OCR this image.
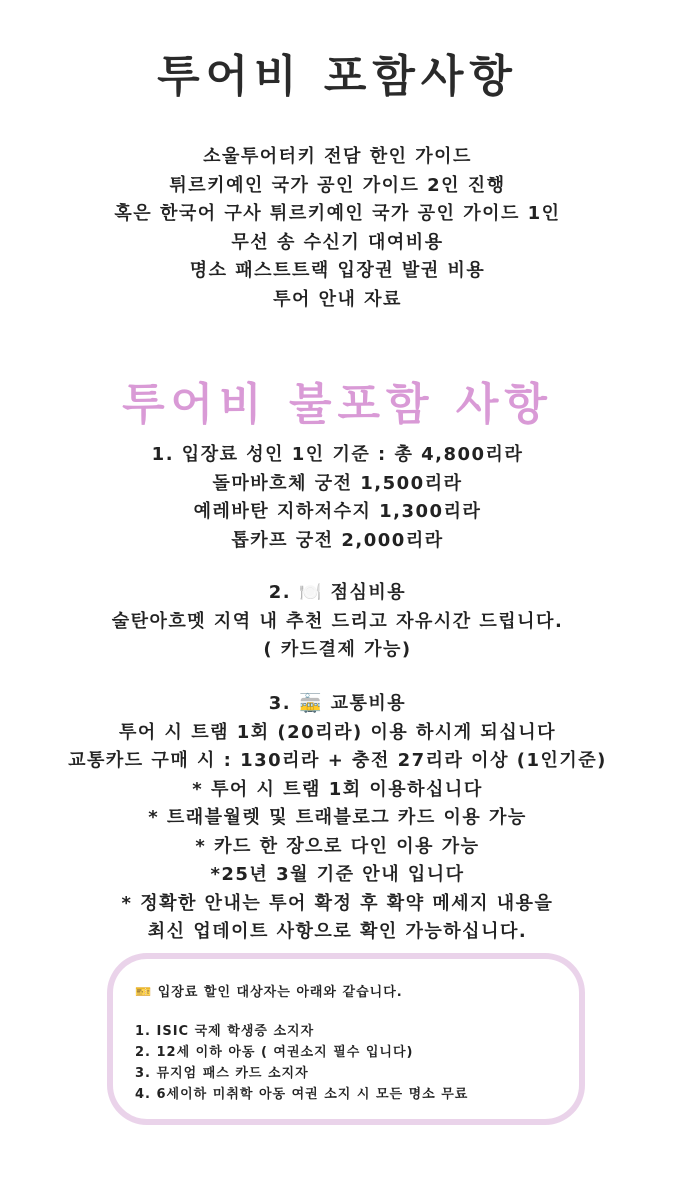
투어비 포함사항
소울투어터키 전담 한인 가이드
튀르키예인 국가 공인 가이드 2인 진행
혹은 한국어 구사 튀르키예인 국가 공인 가이드 1인
무선 송 수신기 대여비용
명소 패스트트랙 입장권 발권 비용
투어 안내 자료
투어비 불포함 사항
1. 입장료 성인 1인 기준 : 총 4,800리라
돌마바흐체 궁전 1,500리라
예레바탄 지하저수지 1,300리라
톱카프 궁전 2,000리라
2. 🍽️ 점심비용
술탄아흐멧 지역 내 추천 드리고 자유시간 드립니다.
( 카드결제 가능)
3. 🚋 교통비용
투어 시 트램 1회 (20리라) 이용 하시게 되십니다
교통카드 구매 시 : 130리라 + 충전 27리라 이상 (1인기준)
* 투어 시 트램 1회 이용하십니다
* 트래블월렛 및 트래블로그 카드 이용 가능
* 카드 한 장으로 다인 이용 가능
*25년 3월 기준 안내 입니다
* 정확한 안내는 투어 확정 후 확약 메세지 내용을
최신 업데이트 사항으로 확인 가능하십니다.
🎫 입장료 할인 대상자는 아래와 같습니다.
1. ISIC 국제 학생증 소지자
2. 12세 이하 아동 ( 여권소지 필수 입니다)
3. 뮤지엄 패스 카드 소지자
4. 6세이하 미취학 아동 여권 소지 시 모든 명소 무료
